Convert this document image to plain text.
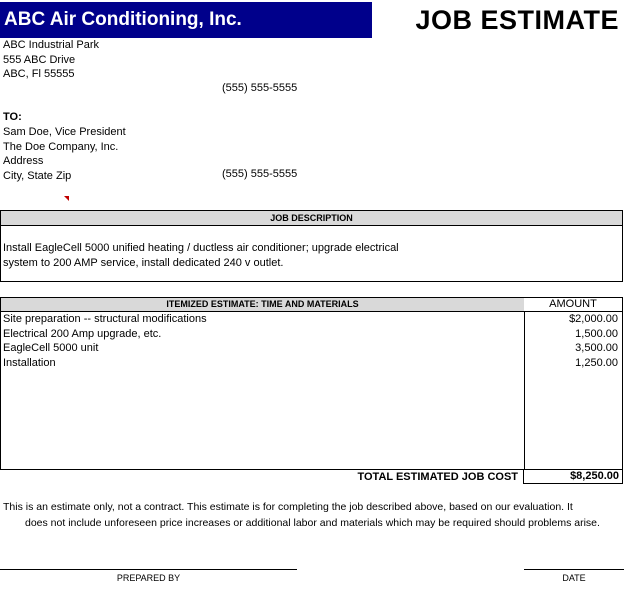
ABC Air Conditioning, Inc.	JOB ESTIMATE
ABC Industrial Park
555 ABC Drive
ABC, Fl 55555
(555) 555-5555
TO:
Sam Doe, Vice President
The Doe Company, Inc.
Address
City, State Zip	(555) 555-5555
JOB DESCRIPTION
Install EagleCell 5000 unified heating / ductless air conditioner; upgrade electrical system to 200 AMP service, install dedicated 240 v outlet.
ITEMIZED ESTIMATE: TIME AND MATERIALS	AMOUNT
Site preparation -- structural modifications	$2,000.00
Electrical 200 Amp upgrade, etc.	1,500.00
EagleCell 5000 unit	3,500.00
Installation	1,250.00
TOTAL ESTIMATED JOB COST	$8,250.00
This is an estimate only, not a contract. This estimate is for completing the job described above, based on our evaluation. It
does not include unforeseen price increases or additional labor and materials which may be required should problems arise.
PREPARED BY	DATE
